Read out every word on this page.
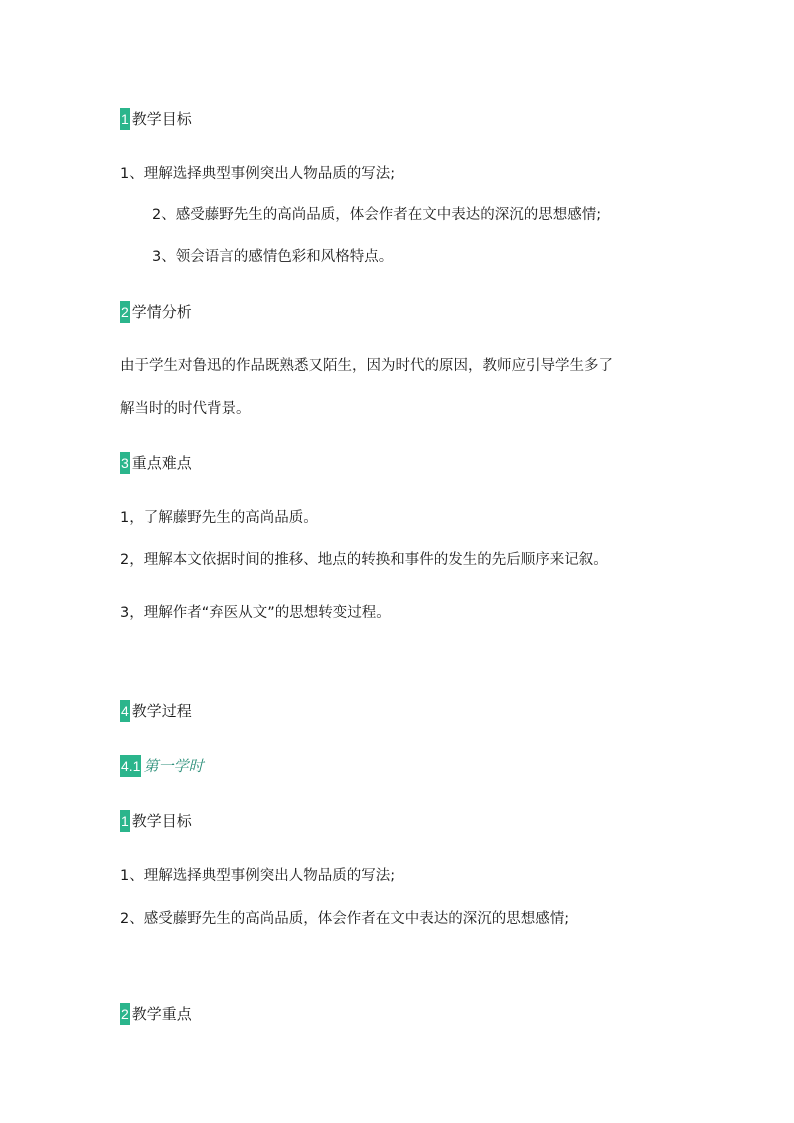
1 教学目标
1、理解选择典型事例突出人物品质的写法;
2、感受藤野先生的高尚品质，体会作者在文中表达的深沉的思想感情;
3、领会语言的感情色彩和风格特点。
2 学情分析
由于学生对鲁迅的作品既熟悉又陌生，因为时代的原因，教师应引导学生多了
解当时的时代背景。
3 重点难点
1，了解藤野先生的高尚品质。
2，理解本文依据时间的推移、地点的转换和事件的发生的先后顺序来记叙。
3，理解作者“弃医从文”的思想转变过程。
4 教学过程
4.1 第一学时
1 教学目标
1、理解选择典型事例突出人物品质的写法;
2、感受藤野先生的高尚品质，体会作者在文中表达的深沉的思想感情;
2 教学重点
